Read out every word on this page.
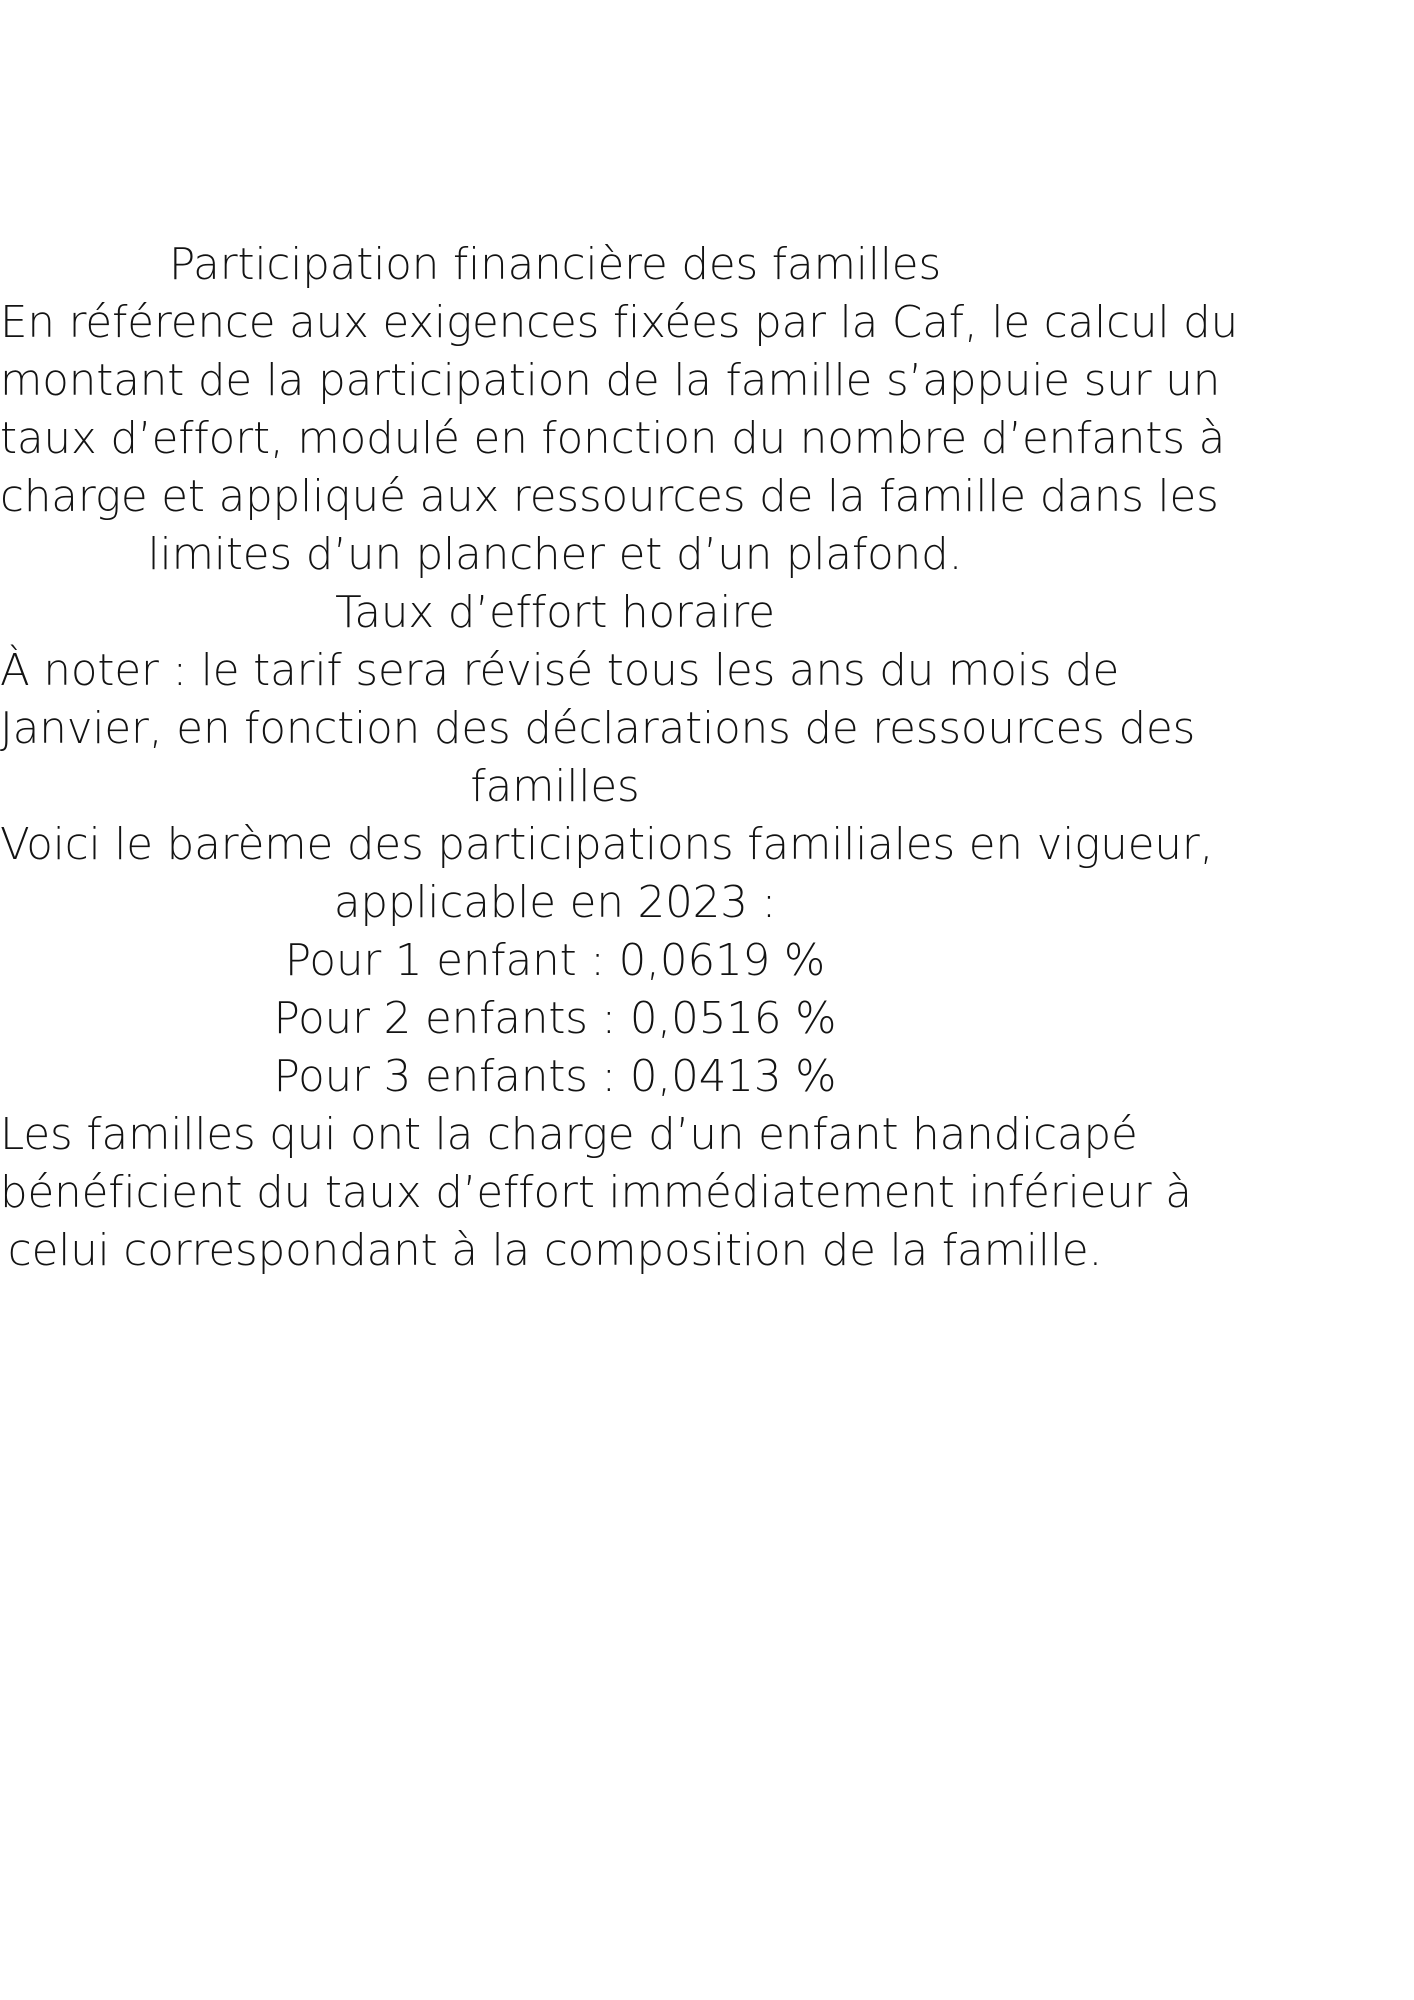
Participation financière des familles
En référence aux exigences fixées par la Caf, le calcul du
montant de la participation de la famille s’appuie sur un
taux d’effort, modulé en fonction du nombre d’enfants à
charge et appliqué aux ressources de la famille dans les
limites d’un plancher et d’un plafond.
Taux d’effort horaire
À noter : le tarif sera révisé tous les ans du mois de
Janvier, en fonction des déclarations de ressources des
familles
Voici le barème des participations familiales en vigueur,
applicable en 2023 :
Pour 1 enfant : 0,0619 %
Pour 2 enfants : 0,0516 %
Pour 3 enfants : 0,0413 %
Les familles qui ont la charge d’un enfant handicapé
bénéficient du taux d’effort immédiatement inférieur à
celui correspondant à la composition de la famille.
